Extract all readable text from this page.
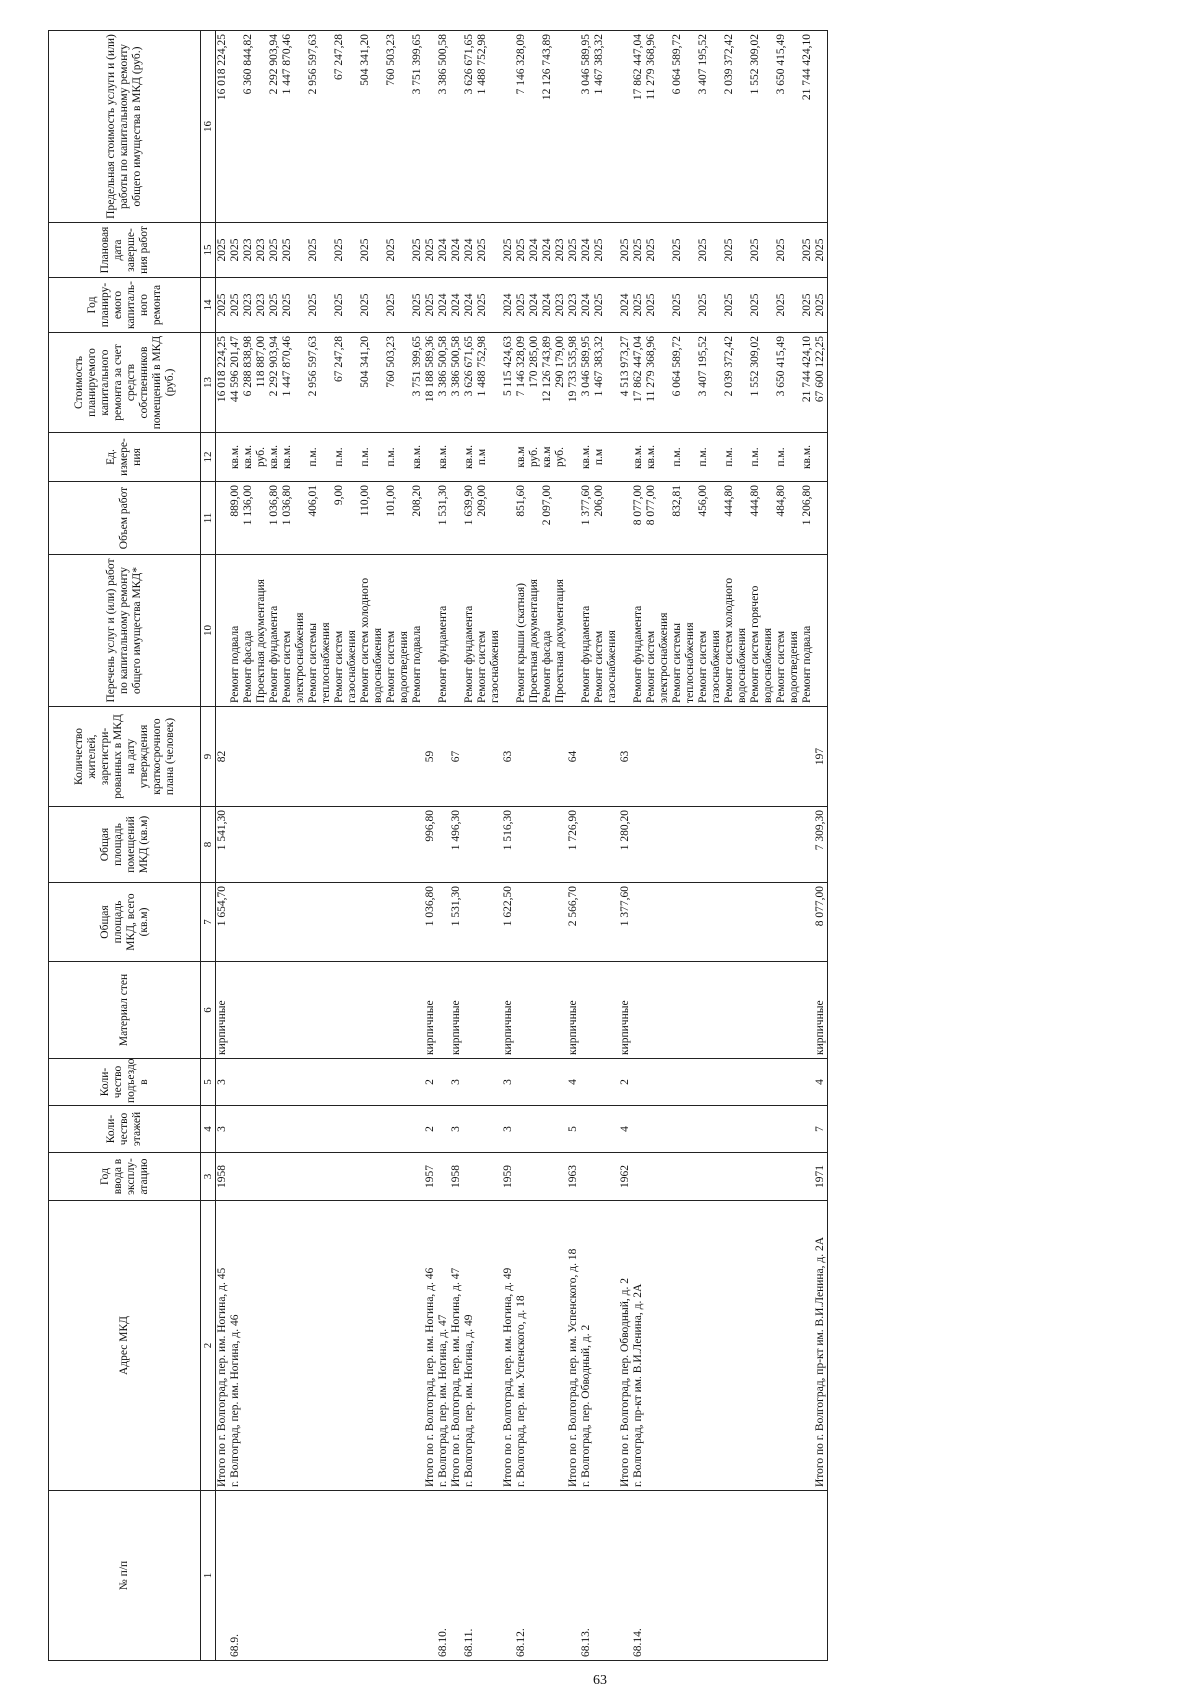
63
№ п/п	Адрес МКД	Год ввода в эксплу-атацию	Коли-чество этажей	Коли-чество подъездо в	Материал стен	Общая площадь МКД, всего (кв.м)	Общая площадь помещений МКД (кв.м)	Количество жителей, зарегистри-рованных в МКД на дату утверждения краткосрочного плана (человек)	Перечень услуг и (или) работ по капитальному ремонту общего имущества МКД*	Объем работ	Ед. измере-ния	Стоимость планируемого капитального ремонта за счет средств собственников помещений в МКД (руб.)	Год планиру-емого капиталь-ного ремонта	Плановая дата заверше-ния работ	Предельная стоимость услуги и (или) работы по капитальному ремонту общего имущества в МКД (руб.)
1	2	3	4	5	6	7	8	9	10	11	12	13	14	15	16

	Итого по г. Волгоград, пер. им. Ногина, д. 45	1958	3	3	кирпичные	1 654,70	1 541,30	82				16 018 224,25	2025	2025	16 018 224,25

68.9.	г. Волгоград, пер. им. Ногина, д. 46								Ремонт подвала	889,00	кв.м.	44 596 201,47	2025	2025	

									Ремонт фасада	1 136,00	кв.м.	6 288 838,98	2023	2023	6 360 844,82

									Проектная документация		руб.	118 887,00	2023	2023	

									Ремонт фундамента	1 036,80	кв.м.	2 292 903,94	2025	2025	2 292 903,94

									Ремонт систем электроснабжения	1 036,80	кв.м.	1 447 870,46	2025	2025	1 447 870,46

									Ремонт системы теплоснабжения	406,01	п.м.	2 956 597,63	2025	2025	2 956 597,63

									Ремонт систем газоснабжения	9,00	п.м.	67 247,28	2025	2025	67 247,28

									Ремонт систем холодного водоснабжения	110,00	п.м.	504 341,20	2025	2025	504 341,20

									Ремонт систем водоотведения	101,00	п.м.	760 503,23	2025	2025	760 503,23

									Ремонт подвала	208,20	кв.м.	3 751 399,65	2025	2025	3 751 399,65

	Итого по г. Волгоград, пер. им. Ногина, д. 46	1957	2	2	кирпичные	1 036,80	996,80	59				18 188 589,36	2025	2025	

68.10.	г. Волгоград, пер. им. Ногина, д. 47								Ремонт фундамента	1 531,30	кв.м.	3 386 500,58	2024	2024	3 386 500,58

	Итого по г. Волгоград, пер. им. Ногина, д. 47	1958	3	3	кирпичные	1 531,30	1 496,30	67				3 386 500,58	2024	2024	

68.11.	г. Волгоград, пер. им. Ногина, д. 49								Ремонт фундамента	1 639,90	кв.м.	3 626 671,65	2024	2024	3 626 671,65

									Ремонт систем газоснабжения	209,00	п.м	1 488 752,98	2025	2025	1 488 752,98

	Итого по г. Волгоград, пер. им. Ногина, д. 49	1959	3	3	кирпичные	1 622,50	1 516,30	63				5 115 424,63	2024	2025	

68.12.	г. Волгоград, пер. им. Успенского, д. 18								Ремонт крыши (скатная)	851,60	кв.м	7 146 328,09	2025	2025	7 146 328,09

									Проектная документация		руб.	170 285,00	2024	2024	

									Ремонт фасада	2 097,00	кв.м	12 126 743,89	2024	2024	12 126 743,89

									Проектная документация		руб.	290 179,00	2023	2023	

	Итого по г. Волгоград, пер. им. Успенского, д. 18	1963	5	4	кирпичные	2 566,70	1 726,90	64				19 733 535,98	2023	2025	

68.13.	г. Волгоград, пер. Обводный, д. 2								Ремонт фундамента	1 377,60	кв.м.	3 046 589,95	2024	2024	3 046 589,95

									Ремонт систем газоснабжения	206,00	п.м	1 467 383,32	2025	2025	1 467 383,32

	Итого по г. Волгоград, пер. Обводный, д. 2	1962	4	2	кирпичные	1 377,60	1 280,20	63				4 513 973,27	2024	2025	

68.14.	г. Волгоград, пр-кт им. В.И.Ленина, д. 2А								Ремонт фундамента	8 077,00	кв.м.	17 862 447,04	2025	2025	17 862 447,04

									Ремонт систем электроснабжения	8 077,00	кв.м.	11 279 368,96	2025	2025	11 279 368,96

									Ремонт системы теплоснабжения	832,81	п.м.	6 064 589,72	2025	2025	6 064 589,72

									Ремонт систем газоснабжения	456,00	п.м.	3 407 195,52	2025	2025	3 407 195,52

									Ремонт систем холодного водоснабжения	444,80	п.м.	2 039 372,42	2025	2025	2 039 372,42

									Ремонт систем горячего водоснабжения	444,80	п.м.	1 552 309,02	2025	2025	1 552 309,02

									Ремонт систем водоотведения	484,80	п.м.	3 650 415,49	2025	2025	3 650 415,49

									Ремонт подвала	1 206,80	кв.м.	21 744 424,10	2025	2025	21 744 424,10

	Итого по г. Волгоград, пр-кт им. В.И.Ленина, д. 2А	1971	7	4	кирпичные	8 077,00	7 309,30	197				67 600 122,25	2025	2025	
